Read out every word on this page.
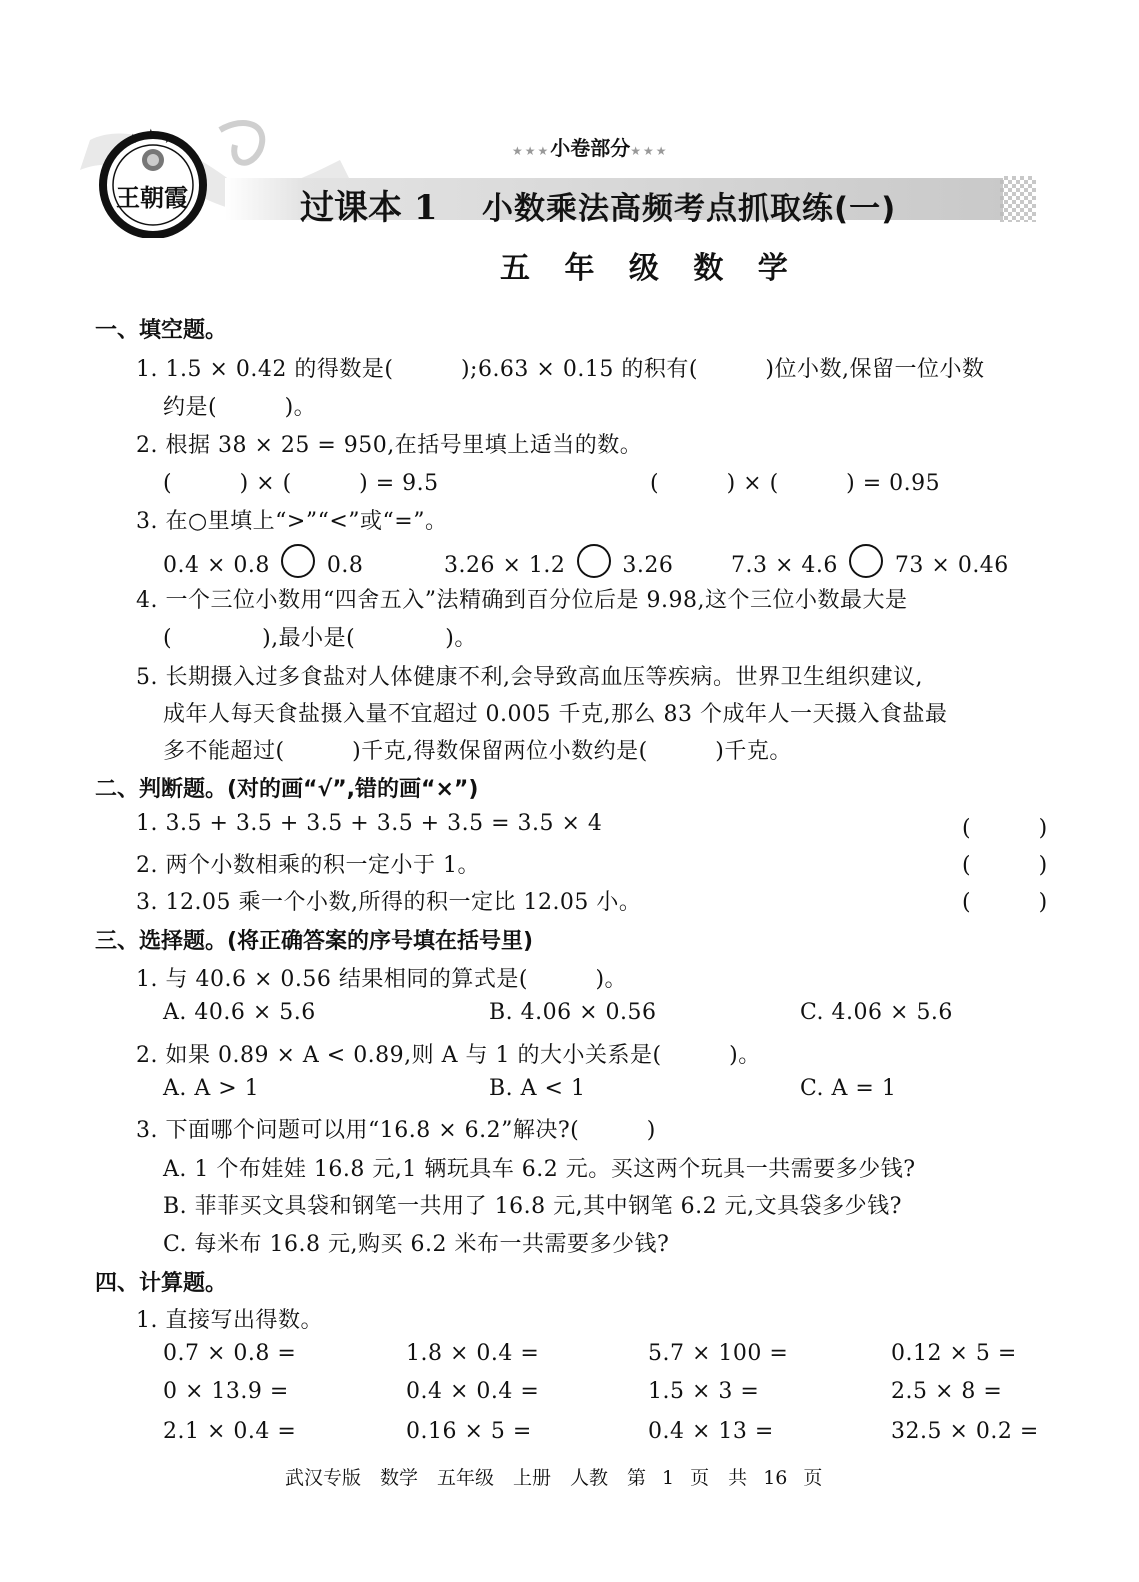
★ ★ ★
王朝霞
★★★小卷部分★★★
过课本 1 小数乘法高频考点抓取练(一)
五 年 级 数 学
一、填空题。
1. 1.5 × 0.42 的得数是(　　　);6.63 × 0.15 的积有(　　　)位小数,保留一位小数
约是(　　　)。
2. 根据 38 × 25 = 950,在括号里填上适当的数。
(　　　) × (　　　) = 9.5	(　　　) × (　　　) = 0.95
3. 在○里填上“>”“<”或“=”。
0.4 × 0.8	0.8	3.26 × 1.2	3.26	7.3 × 4.6	73 × 0.46
4. 一个三位小数用“四舍五入”法精确到百分位后是 9.98,这个三位小数最大是
(　　　　),最小是(　　　　)。
5. 长期摄入过多食盐对人体健康不利,会导致高血压等疾病。世界卫生组织建议,
成年人每天食盐摄入量不宜超过 0.005 千克,那么 83 个成年人一天摄入食盐最
多不能超过(　　　)千克,得数保留两位小数约是(　　　)千克。
二、判断题。(对的画“√”,错的画“×”)
1. 3.5 + 3.5 + 3.5 + 3.5 + 3.5 = 3.5 × 4	(　　　)
2. 两个小数相乘的积一定小于 1。	(　　　)
3. 12.05 乘一个小数,所得的积一定比 12.05 小。	(　　　)
三、选择题。(将正确答案的序号填在括号里)
1. 与 40.6 × 0.56 结果相同的算式是(　　　)。
A. 40.6 × 5.6	B. 4.06 × 0.56	C. 4.06 × 5.6
2. 如果 0.89 × A < 0.89,则 A 与 1 的大小关系是(　　　)。
A. A > 1	B. A < 1	C. A = 1
3. 下面哪个问题可以用“16.8 × 6.2”解决?(　　　)
A. 1 个布娃娃 16.8 元,1 辆玩具车 6.2 元。买这两个玩具一共需要多少钱?
B. 菲菲买文具袋和钢笔一共用了 16.8 元,其中钢笔 6.2 元,文具袋多少钱?
C. 每米布 16.8 元,购买 6.2 米布一共需要多少钱?
四、计算题。
1. 直接写出得数。
0.7 × 0.8 =	1.8 × 0.4 =	5.7 × 100 =	0.12 × 5 =
0 × 13.9 =	0.4 × 0.4 =	1.5 × 3 =	2.5 × 8 =
2.1 × 0.4 =	0.16 × 5 =	0.4 × 13 =	32.5 × 0.2 =
武汉专版　数学　五年级　上册　人教　第 1 页　共 16 页
